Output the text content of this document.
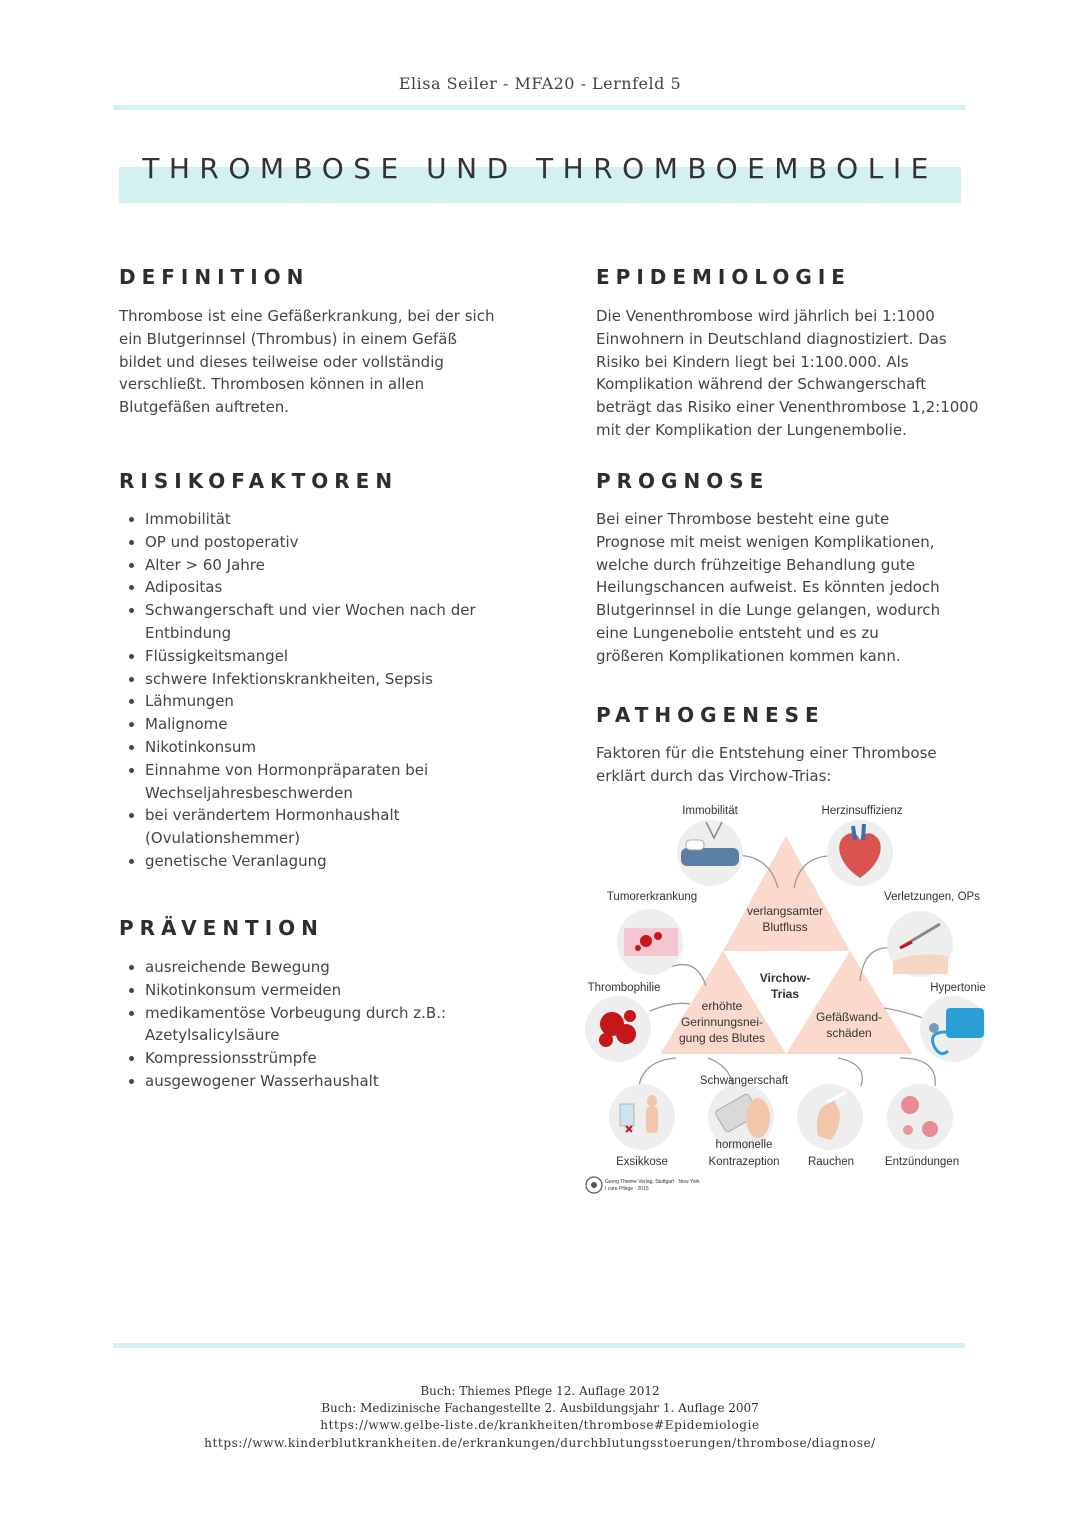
Elisa Seiler - MFA20 - Lernfeld 5
THROMBOSE UND THROMBOEMBOLIE
DEFINITION

Thrombose ist eine Gefäßerkrankung, bei der sich
ein Blutgerinnsel (Thrombus) in einem Gefäß
bildet und dieses teilweise oder vollständig
verschließt. Thrombosen können in allen
Blutgefäßen auftreten.

RISIKOFAKTOREN
• Immobilität
• OP und postoperativ
• Alter > 60 Jahre
• Adipositas
• Schwangerschaft und vier Wochen nach der Entbindung
• Flüssigkeitsmangel
• schwere Infektionskrankheiten, Sepsis
• Lähmungen
• Malignome
• Nikotinkonsum
• Einnahme von Hormonpräparaten bei Wechseljahresbeschwerden
• bei verändertem Hormonhaushalt (Ovulationshemmer)
• genetische Veranlagung
PRÄVENTION
• ausreichende Bewegung
• Nikotinkonsum vermeiden
• medikamentöse Vorbeugung durch z.B.: Azetylsalicylsäure
• Kompressionsstrümpfe
• ausgewogener Wasserhaushalt
EPIDEMIOLOGIE

Die Venenthrombose wird jährlich bei 1:1000
Einwohnern in Deutschland diagnostiziert. Das
Risiko bei Kindern liegt bei 1:100.000. Als
Komplikation während der Schwangerschaft
beträgt das Risiko einer Venenthrombose 1,2:1000
mit der Komplikation der Lungenembolie.

PROGNOSE

Bei einer Thrombose besteht eine gute
Prognose mit meist wenigen Komplikationen,
welche durch frühzeitige Behandlung gute
Heilungschancen aufweist. Es könnten jedoch
Blutgerinnsel in die Lunge gelangen, wodurch
eine Lungenebolie entsteht und es zu
größeren Komplikationen kommen kann.

PATHOGENESE

Faktoren für die Entstehung einer Thrombose
erklärt durch das Virchow-Trias:

Immobilität	Herzinsuffizienz
Tumorerkrankung	Verletzungen, OPs
Thrombophilie	Hypertonie
verlangsamter
Blutfluss
Virchow-
Trias
erhöhte
Gerinnungsnei-
gung des Blutes
Gefäßwand-
schäden
Schwangerschaft
hormonelle
Kontrazeption
Exsikkose	Rauchen	Entzündungen
Georg Thieme Verlag, Stuttgart · New York
I care Pflege · 2015
Buch: Thiemes Pflege 12. Auflage 2012
Buch: Medizinische Fachangestellte 2. Ausbildungsjahr 1. Auflage 2007
https://www.gelbe-liste.de/krankheiten/thrombose#Epidemiologie
https://www.kinderblutkrankheiten.de/erkrankungen/durchblutungsstoerungen/thrombose/diagnose/
